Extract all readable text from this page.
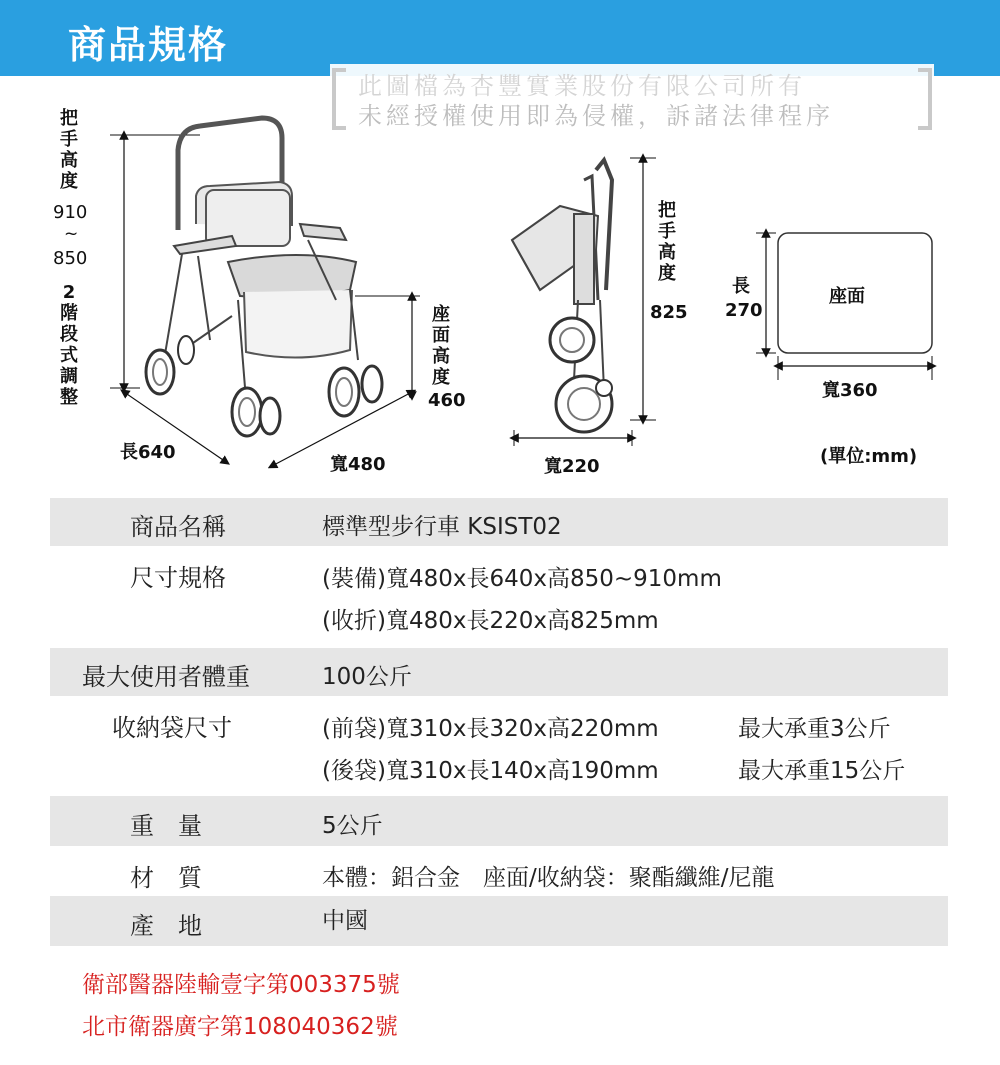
商品規格
此圖檔為杏豐實業股份有限公司所有
未經授權使用即為侵權，訴諸法律程序
把
手
高
度
910
~
850
2
階
段
式
調
整
座
面
高
度
460
長640
寬480
把
手
高
度
825
寬220
長
270
座面
寬360
(單位:mm)
商品名稱	標準型步行車 KSIST02
尺寸規格	(裝備)寬480x長640x高850~910mm
(收折)寬480x長220x高825mm
最大使用者體重	100公斤
收納袋尺寸	(前袋)寬310x長320x高220mm	最大承重3公斤
(後袋)寬310x長140x高190mm	最大承重15公斤
重　量	5公斤
材　質	本體：鋁合金　座面/收納袋：聚酯纖維/尼龍
產　地	中國
衛部醫器陸輸壹字第003375號
北市衛器廣字第108040362號
